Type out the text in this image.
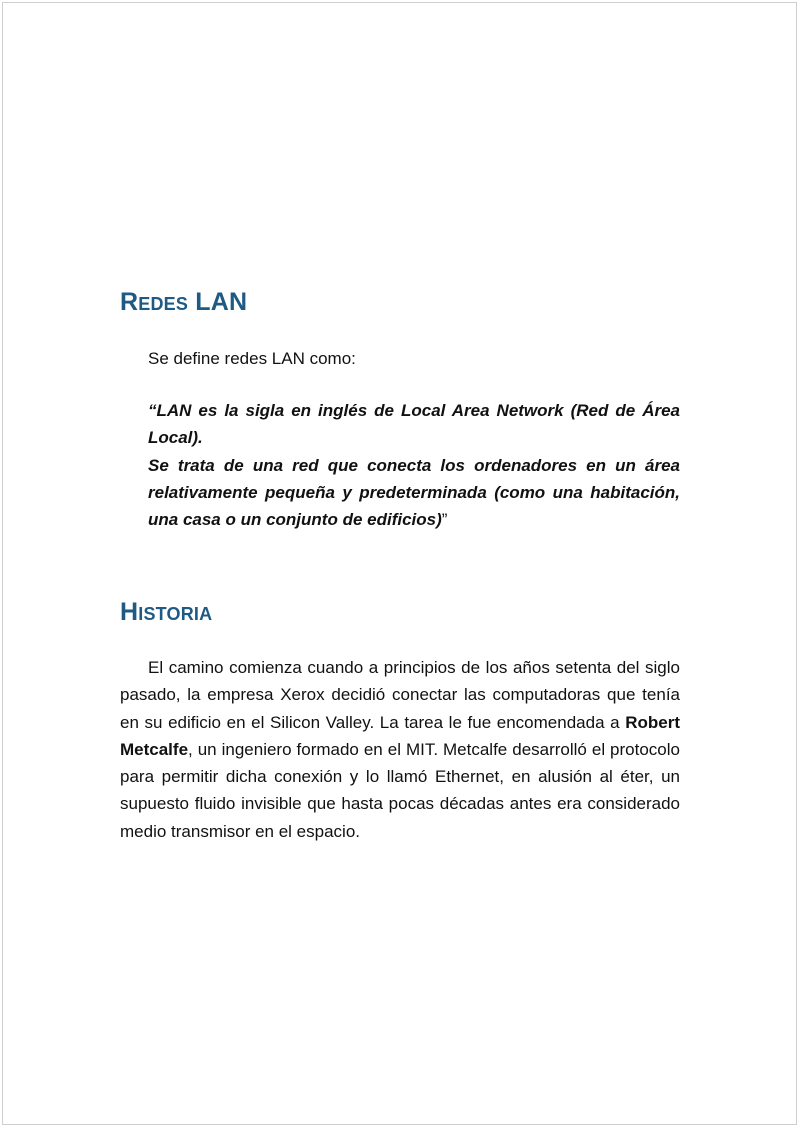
Redes LAN

Se define redes LAN como:

“LAN es la sigla en inglés de Local Area Network (Red de Área Local).
Se trata de una red que conecta los ordenadores en un área relativamente pequeña y predeterminada (como una habitación, una casa o un conjunto de edificios)”
Historia

El camino comienza cuando a principios de los años setenta del siglo pasado, la empresa Xerox decidió conectar las computadoras que tenía en su edificio en el Silicon Valley. La tarea le fue encomendada a Robert Metcalfe, un ingeniero formado en el MIT. Metcalfe desarrolló el protocolo para permitir dicha conexión y lo llamó Ethernet, en alusión al éter, un supuesto fluido invisible que hasta pocas décadas antes era considerado medio transmisor en el espacio.
